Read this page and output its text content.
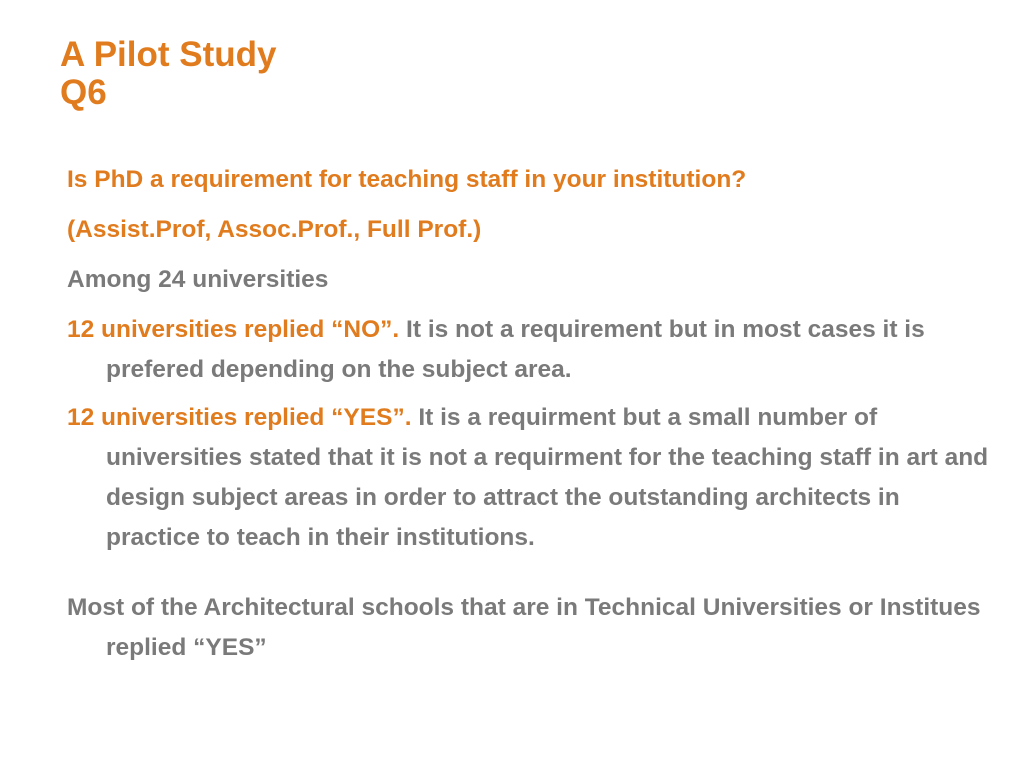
A Pilot Study
Q6
Is PhD a requirement for teaching staff in your institution?
(Assist.Prof, Assoc.Prof., Full Prof.)
Among 24 universities
12 universities replied “NO”. It is not a requirement but in most cases it is prefered depending on the subject area.
12 universities replied “YES”. It is a requirment but a small number of universities stated that it is not a requirment for the teaching staff in art and design subject areas in order to attract the outstanding architects in practice to teach in their institutions.
Most of the Architectural schools that are in Technical Universities or Institues replied “YES”
